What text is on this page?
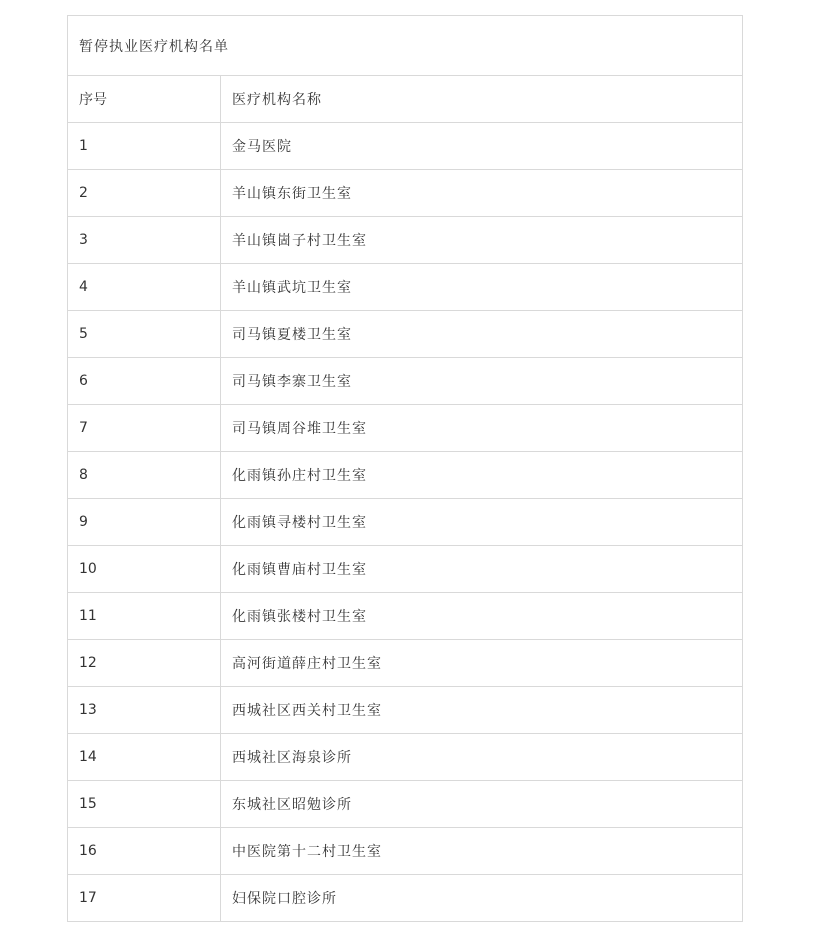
暂停执业医疗机构名单
序号	医疗机构名称
1	金马医院
2	羊山镇东街卫生室
3	羊山镇崮子村卫生室
4	羊山镇武坑卫生室
5	司马镇夏楼卫生室
6	司马镇李寨卫生室
7	司马镇周谷堆卫生室
8	化雨镇孙庄村卫生室
9	化雨镇寻楼村卫生室
10	化雨镇曹庙村卫生室
11	化雨镇张楼村卫生室
12	高河街道薛庄村卫生室
13	西城社区西关村卫生室
14	西城社区海泉诊所
15	东城社区昭勉诊所
16	中医院第十二村卫生室
17	妇保院口腔诊所
